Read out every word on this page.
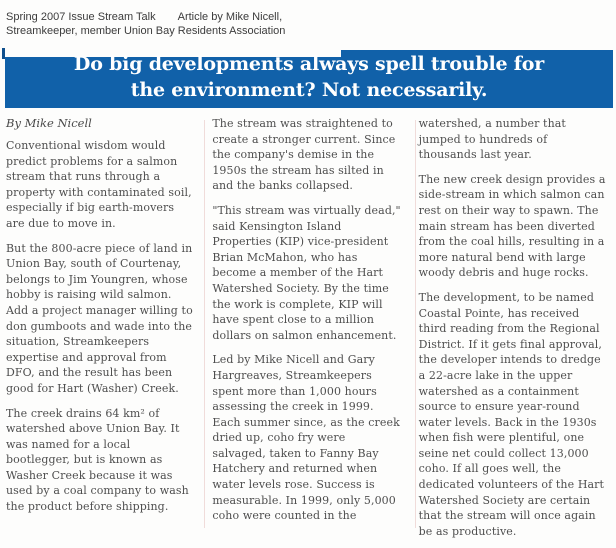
Spring 2007 Issue Stream Talk Article by Mike Nicell,
Streamkeeper, member Union Bay Residents Association
Do big developments always spell trouble for
the environment? Not necessarily.
By Mike Nicell

Conventional wisdom would predict problems for a salmon stream that runs through a property with contaminated soil, especially if big earth-movers are due to move in.

But the 800-acre piece of land in Union Bay, south of Courtenay, belongs to Jim Youngren, whose hobby is raising wild salmon. Add a project manager willing to don gumboots and wade into the situation, Streamkeepers expertise and approval from DFO, and the result has been good for Hart (Washer) Creek.

The creek drains 64 km² of watershed above Union Bay. It was named for a local bootlegger, but is known as Washer Creek because it was used by a coal company to wash the product before shipping.

The stream was straightened to create a stronger current. Since the company's demise in the 1950s the stream has silted in and the banks collapsed.

"This stream was virtually dead," said Kensington Island Properties (KIP) vice-president Brian McMahon, who has become a member of the Hart Watershed Society. By the time the work is complete, KIP will have spent close to a million dollars on salmon enhancement.

Led by Mike Nicell and Gary Hargreaves, Streamkeepers spent more than 1,000 hours assessing the creek in 1999. Each summer since, as the creek dried up, coho fry were salvaged, taken to Fanny Bay Hatchery and returned when water levels rose. Success is measurable. In 1999, only 5,000 coho were counted in the

watershed, a number that jumped to hundreds of thousands last year.

The new creek design provides a side-stream in which salmon can rest on their way to spawn. The main stream has been diverted from the coal hills, resulting in a more natural bend with large woody debris and huge rocks.

The development, to be named Coastal Pointe, has received third reading from the Regional District. If it gets final approval, the developer intends to dredge a 22-acre lake in the upper watershed as a containment source to ensure year-round water levels. Back in the 1930s when fish were plentiful, one seine net could collect 13,000 coho. If all goes well, the dedicated volunteers of the Hart Watershed Society are certain that the stream will once again be as productive.
